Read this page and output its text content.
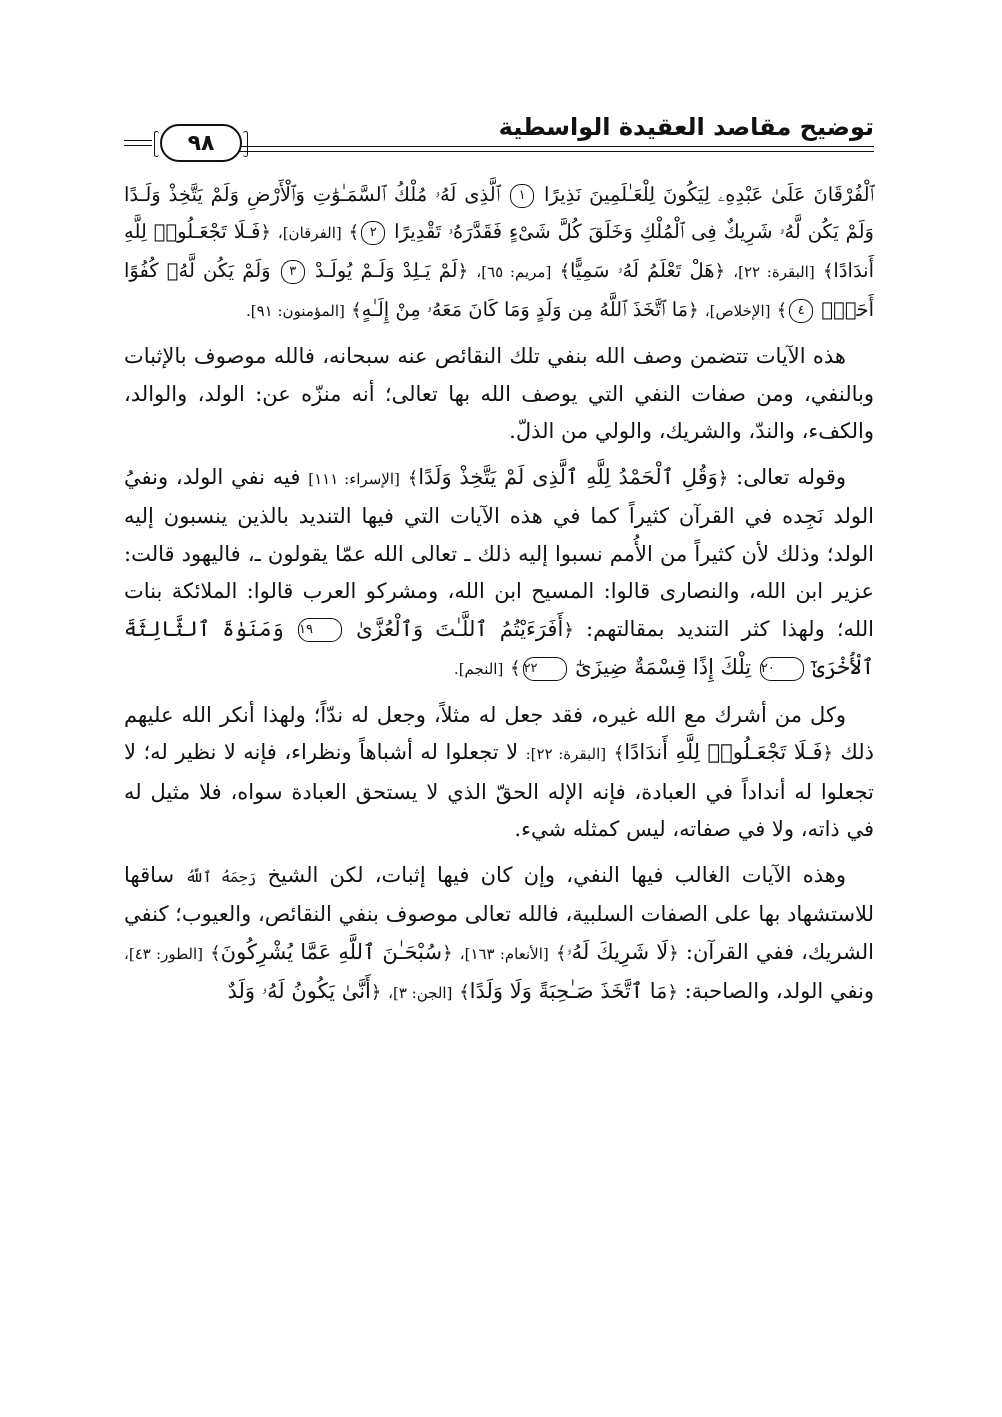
توضيح مقاصد العقيدة الواسطية
٩٨

ٱلْفُرْقَانَ عَلَىٰ عَبْدِهِۦ لِيَكُونَ لِلْعَـٰلَمِينَ نَذِيرًا ١ ٱلَّذِى لَهُۥ مُلْكُ ٱلسَّمَـٰوَٰتِ وَٱلْأَرْضِ وَلَمْ يَتَّخِذْ وَلَـدًا وَلَمْ يَكُن لَّهُۥ شَرِيكٌ فِى ٱلْمُلْكِ وَخَلَقَ كُلَّ شَىْءٍ فَقَدَّرَهُۥ تَقْدِيرًا ٢﴾ [الفرقان]، ﴿فَـلَا تَجْعَـلُوا۟ لِلَّهِ أَندَادًا﴾ [البقرة: ٢٢]، ﴿هَلْ تَعْلَمُ لَهُۥ سَمِيًّا﴾ [مريم: ٦٥]، ﴿لَمْ يَـلِدْ وَلَـمْ يُولَـدْ ٣ وَلَمْ يَكُن لَّهُۥ كُفُوًا أَحَدٌۢ ٤﴾ [الإخلاص]، ﴿مَا ٱتَّخَذَ ٱللَّهُ مِن وَلَدٍ وَمَا كَانَ مَعَهُۥ مِنْ إِلَـٰهٍ﴾ [المؤمنون: ٩١].

هذه الآيات تتضمن وصف الله بنفي تلك النقائص عنه سبحانه، فالله موصوف بالإثبات وبالنفي، ومن صفات النفي التي يوصف الله بها تعالى؛ أنه منزّه عن: الولد، والوالد، والكفء، والندّ، والشريك، والولي من الذلّ.

وقوله تعالى: ﴿وَقُلِ ٱلْحَمْدُ لِلَّهِ ٱلَّذِى لَمْ يَتَّخِذْ وَلَدًا﴾ [الإسراء: ١١١] فيه نفي الولد، ونفيُ الولد نَجِده في القرآن كثيراً كما في هذه الآيات التي فيها التنديد بالذين ينسبون إليه الولد؛ وذلك لأن كثيراً من الأُمم نسبوا إليه ذلك ـ تعالى الله عمّا يقولون ـ، فاليهود قالت: عزير ابن الله، والنصارى قالوا: المسيح ابن الله، ومشركو العرب قالوا: الملائكة بنات الله؛ ولهذا كثر التنديد بمقالتهم: ﴿أَفَرَءَيْتُمُ ٱللَّـٰتَ وَٱلْعُزَّىٰ ١٩ وَمَنَوٰةَ ٱلثَّالِثَةَ ٱلْأُخْرَىٰٓ ٢٠ تِلْكَ إِذًا قِسْمَةٌ ضِيزَىٰٓ ٢٢﴾ [النجم].

وكل من أشرك مع الله غيره، فقد جعل له مثلاً، وجعل له ندّاً؛ ولهذا أنكر الله عليهم ذلك ﴿فَـلَا تَجْعَـلُوا۟ لِلَّهِ أَندَادًا﴾ [البقرة: ٢٢]: لا تجعلوا له أشباهاً ونظراء، فإنه لا نظير له؛ لا تجعلوا له أنداداً في العبادة، فإنه الإله الحقّ الذي لا يستحق العبادة سواه، فلا مثيل له في ذاته، ولا في صفاته، ليس كمثله شيء.

وهذه الآيات الغالب فيها النفي، وإن كان فيها إثبات، لكن الشيخ رَحِمَهُ ٱللَّهُ ساقها للاستشهاد بها على الصفات السلبية، فالله تعالى موصوف بنفي النقائص، والعيوب؛ كنفي الشريك، ففي القرآن: ﴿لَا شَرِيكَ لَهُۥ﴾ [الأنعام: ١٦٣]، ﴿سُبْحَـٰنَ ٱللَّهِ عَمَّا يُشْرِكُونَ﴾ [الطور: ٤٣]، ونفي الولد، والصاحبة: ﴿مَا ٱتَّخَذَ صَـٰحِبَةً وَلَا وَلَدًا﴾ [الجن: ٣]، ﴿أَنَّىٰ يَكُونُ لَهُۥ وَلَدٌ
